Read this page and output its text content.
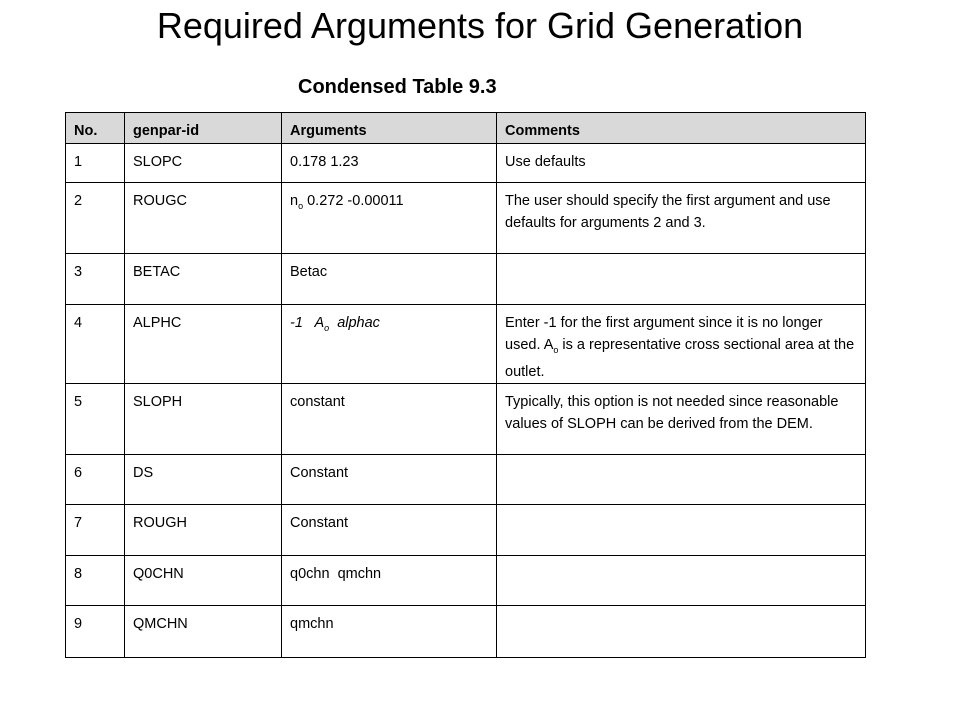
Required Arguments for Grid Generation
Condensed Table 9.3
No.	genpar-id	Arguments	Comments
1	SLOPC	0.178 1.23	Use defaults
2	ROUGC	$n_o$ 0.272 -0.00011	The user should specify the first argument and use defaults for arguments 2 and 3.
3	BETAC	Betac	
4	ALPHC	-1   $A_o$  alphac	Enter -1 for the first argument since it is no longer used. $A_o$ is a representative cross sectional area at the outlet.
5	SLOPH	constant	Typically, this option is not needed since reasonable values of SLOPH can be derived from the DEM.
6	DS	Constant	
7	ROUGH	Constant	
8	Q0CHN	q0chn  qmchn	
9	QMCHN	qmchn	
